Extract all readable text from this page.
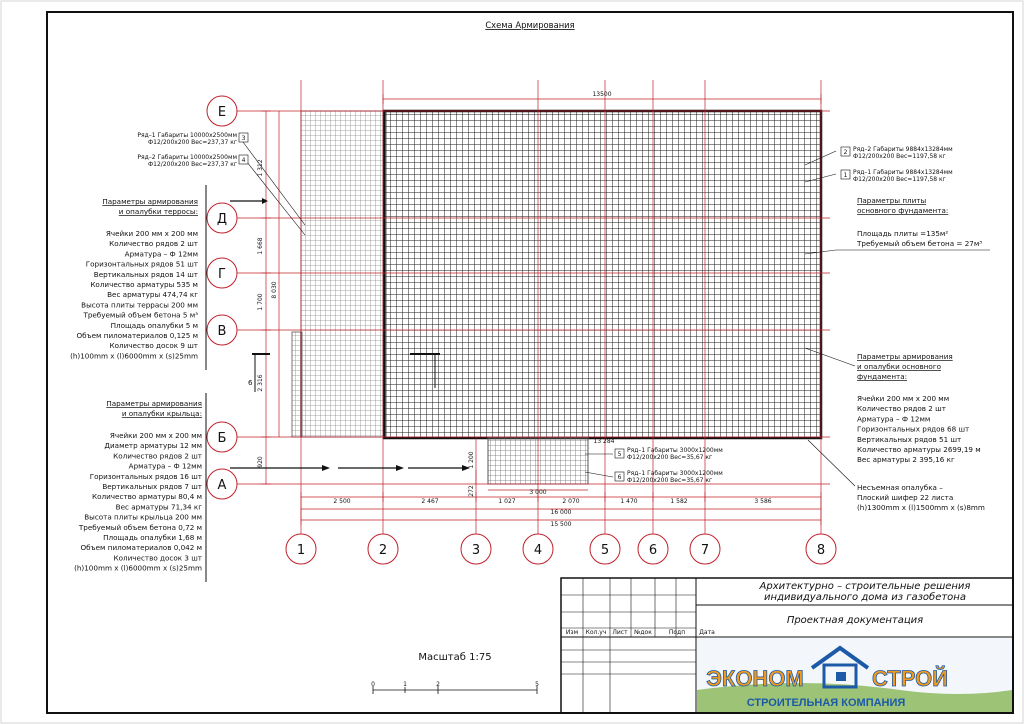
Схема Армирования
Е
Д
Г
В
Б
А
1	2	3	4	5	6	7	8
13500
1 312
1 668
1 700
8 030
2 316
920
2 500	2 467	1 027	2 070	1 470	1 582	3 586
16 000
15 500
3 000
1 200
272
13 284
6
Ряд–1 Габариты 10000х2500мм
Ф12/200х200 Вес=237,37 кг
3
Ряд–2 Габариты 10000х2500мм
Ф12/200х200 Вес=237,37 кг
4
Параметры армирования
и опалубки терросы:
Ячейки 200 мм х 200 мм
Количество рядов 2 шт
Арматура – Ф 12мм
Горизонтальных рядов 51 шт
Вертикальных рядов 14 шт
Количество арматуры 535 м
Вес арматуры 474,74 кг
Высота плиты террасы 200 мм
Требуемый объем бетона 5 м³
Площадь опалубки 5 м
Объем пиломатериалов 0,125 м
Количество досок 9 шт
(h)100mm x (l)6000mm x (s)25mm
Параметры армирования
и опалубки крыльца:
Ячейки 200 мм х 200 мм
Диаметр арматуры 12 мм
Количество рядов 2 шт
Арматура – Ф 12мм
Горизонтальных рядов 16 шт
Вертикальных рядов 7 шт
Количество арматуры 80,4 м
Вес арматуры 71,34 кг
Высота плиты крыльца 200 мм
Требуемый объем бетона 0,72 м
Площадь опалубки 1,68 м
Объем пиломатериалов 0,042 м
Количество досок 3 шт
(h)100mm x (l)6000mm x (s)25mm
2 Ряд–2 Габариты 9884х13284мм
Ф12/200х200 Вес=1197,58 кг
1 Ряд–1 Габариты 9884х13284мм
Ф12/200х200 Вес=1197,58 кг
Параметры плиты
основного фундамента:
Площадь плиты =135м²
Требуемый объем бетона = 27м³
Параметры армирования
и опалубки основного
фундамента:
Ячейки 200 мм х 200 мм
Количество рядов 2 шт
Арматура – Ф 12мм
Горизонтальных рядов 68 шт
Вертикальных рядов 51 шт
Количество арматуры 2699,19 м
Вес арматуры 2 395,16 кг
Несъемная опалубка –
Плоский шифер 22 листа
(h)1300mm x (l)1500mm x (s)8mm
5
Ряд–1 Габариты 3000х1200мм
Ф12/200х200 Вес=35,67 кг
6
Ряд–1 Габариты 3000х1200мм
Ф12/200х200 Вес=35,67 кг
Масштаб 1:75
0	1	2	5
Изм Кол.уч Лист №док	Подп Дата
Архитектурно – строительные решения
индивидуального дома из газобетона
Проектная документация
ЭКОНОМ	СТРОЙ
СТРОИТЕЛЬНАЯ КОМПАНИЯ
